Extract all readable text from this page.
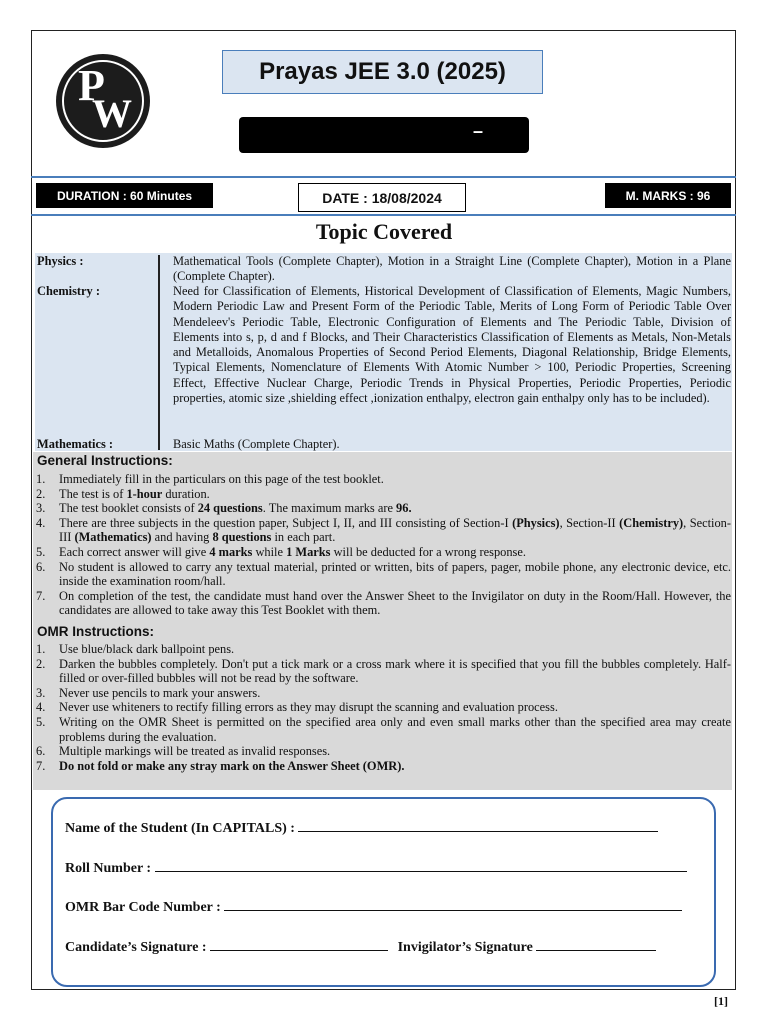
P
W
Prayas JEE 3.0 (2025)
–
DURATION : 60 Minutes	DATE : 18/08/2024	M. MARKS : 96
Topic Covered
Physics :	Mathematical Tools (Complete Chapter), Motion in a Straight Line (Complete Chapter), Motion in a Plane (Complete Chapter).
Chemistry :	Need for Classification of Elements, Historical Development of Classification of Elements, Magic Numbers, Modern Periodic Law and Present Form of the Periodic Table, Merits of Long Form of Periodic Table Over Mendeleev's Periodic Table, Electronic Configuration of Elements and The Periodic Table, Division of Elements into s, p, d and f Blocks, and Their Characteristics Classification of Elements as Metals, Non-Metals and Metalloids, Anomalous Properties of Second Period Elements, Diagonal Relationship, Bridge Elements, Typical Elements, Nomenclature of Elements With Atomic Number > 100, Periodic Properties, Screening Effect, Effective Nuclear Charge, Periodic Trends in Physical Properties, Periodic Properties, Periodic properties, atomic size ,shielding effect ,ionization enthalpy, electron gain enthalpy only has to be included).
Mathematics :	Basic Maths (Complete Chapter).
General Instructions:
1. Immediately fill in the particulars on this page of the test booklet.
2. The test is of 1-hour duration.
3. The test booklet consists of 24 questions. The maximum marks are 96.
4. There are three subjects in the question paper, Subject I, II, and III consisting of Section-I (Physics), Section-II (Chemistry), Section-III (Mathematics) and having 8 questions in each part.
5. Each correct answer will give 4 marks while 1 Marks will be deducted for a wrong response.
6. No student is allowed to carry any textual material, printed or written, bits of papers, pager, mobile phone, any electronic device, etc. inside the examination room/hall.
7. On completion of the test, the candidate must hand over the Answer Sheet to the Invigilator on duty in the Room/Hall. However, the candidates are allowed to take away this Test Booklet with them.
OMR Instructions:
1. Use blue/black dark ballpoint pens.
2. Darken the bubbles completely. Don't put a tick mark or a cross mark where it is specified that you fill the bubbles completely. Half-filled or over-filled bubbles will not be read by the software.
3. Never use pencils to mark your answers.
4. Never use whiteners to rectify filling errors as they may disrupt the scanning and evaluation process.
5. Writing on the OMR Sheet is permitted on the specified area only and even small marks other than the specified area may create problems during the evaluation.
6. Multiple markings will be treated as invalid responses.
7. Do not fold or make any stray mark on the Answer Sheet (OMR).
Name of the Student (In CAPITALS) :
Roll Number :
OMR Bar Code Number :
Candidate’s Signature :	Invigilator’s Signature
[1]
